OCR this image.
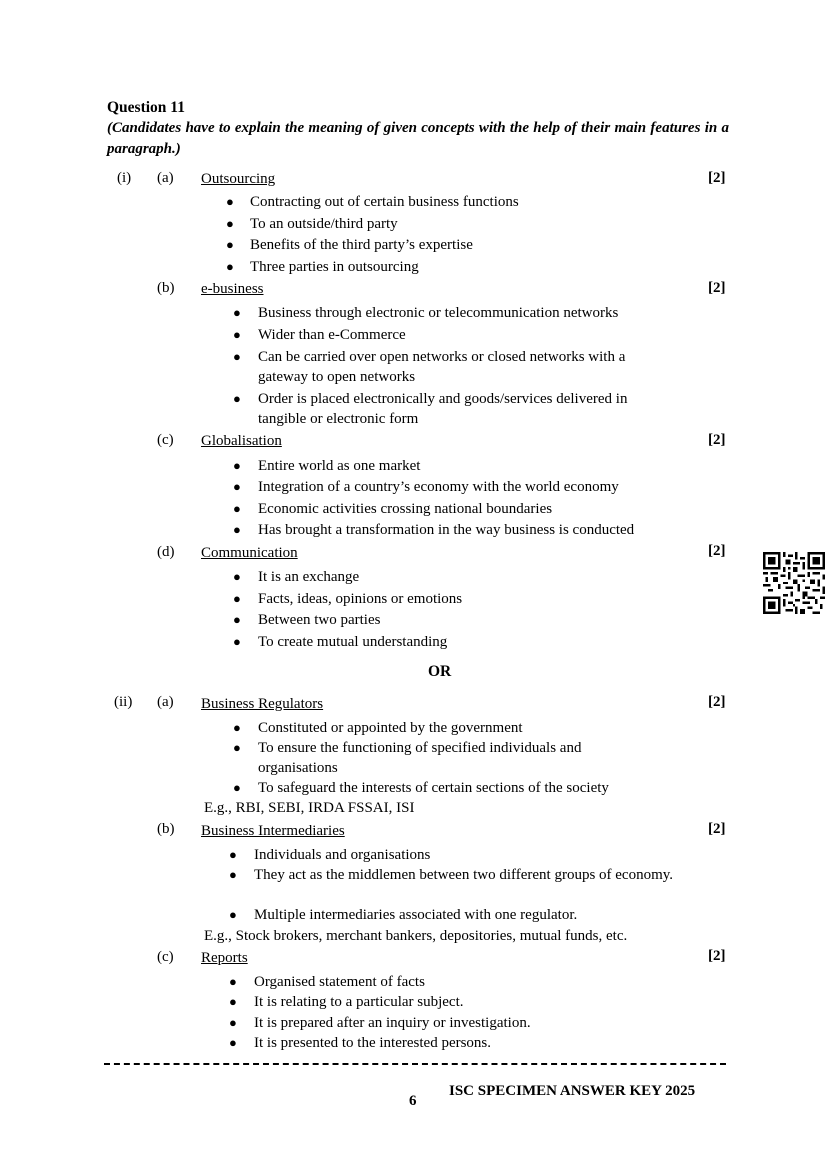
Question 11
(Candidates have to explain the meaning of given concepts with the help of their main features in a paragraph.)
(i) (a) Outsourcing	[2]
● Contracting out of certain business functions
● To an outside/third party
● Benefits of the third party’s expertise
● Three parties in outsourcing
(b) e-business	[2]
● Business through electronic or telecommunication networks
● Wider than e-Commerce
● Can be carried over open networks or closed networks with a gateway to open networks
● Order is placed electronically and goods/services delivered in tangible or electronic form
(c) Globalisation	[2]
● Entire world as one market
● Integration of a country’s economy with the world economy
● Economic activities crossing national boundaries
● Has brought a transformation in the way business is conducted
(d) Communication	[2]
● It is an exchange
● Facts, ideas, opinions or emotions
● Between two parties
● To create mutual understanding
OR
(ii) (a) Business Regulators	[2]
● Constituted or appointed by the government
● To ensure the functioning of specified individuals and organisations
● To safeguard the interests of certain sections of the society
E.g., RBI, SEBI, IRDA FSSAI, ISI
(b) Business Intermediaries	[2]
● Individuals and organisations
● They act as the middlemen between two different groups of economy.
● Multiple intermediaries associated with one regulator.
E.g., Stock brokers, merchant bankers, depositories, mutual funds, etc.
(c) Reports	[2]
● Organised statement of facts
● It is relating to a particular subject.
● It is prepared after an inquiry or investigation.
● It is presented to the interested persons.
ISC SPECIMEN ANSWER KEY 2025
6
